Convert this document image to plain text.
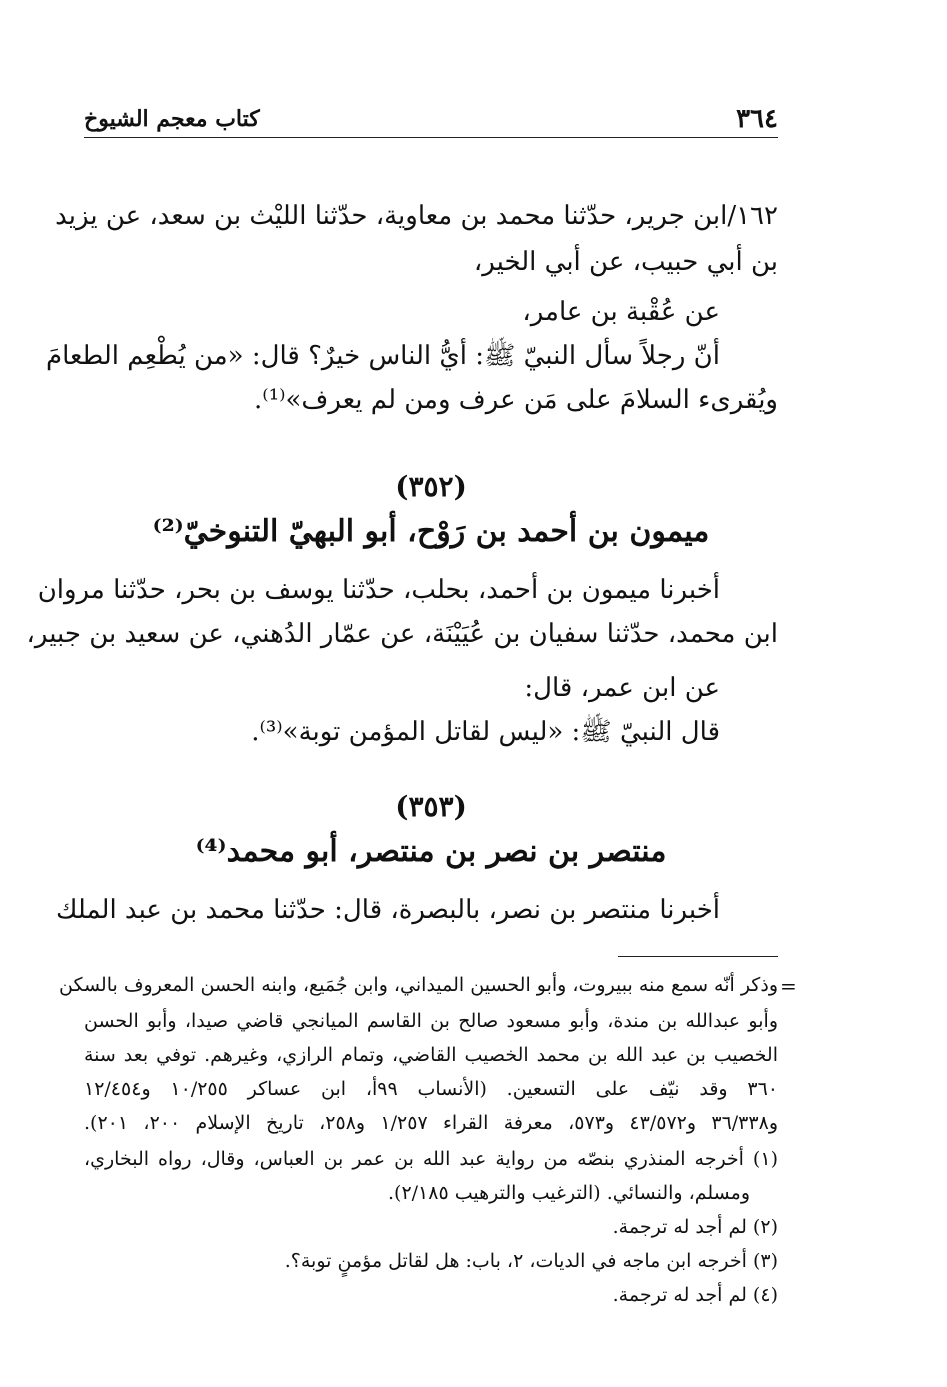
٣٦٤
كتاب معجم الشيوخ
١٦٢/ابن جرير، حدّثنا محمد بن معاوية، حدّثنا الليْث بن سعد، عن يزيد
بن أبي حبيب، عن أبي الخير،
عن عُقْبة بن عامر،
أنّ رجلاً سأل النبيّ ﷺ: أيُّ الناس خيرٌ؟ قال: «من يُطْعِم الطعامَ
ويُقرىء السلامَ على مَن عرف ومن لم يعرف»⁽¹⁾.
(٣٥٢)
ميمون بن أحمد بن رَوْح، أبو البهيّ التنوخيّ⁽²⁾
أخبرنا ميمون بن أحمد، بحلب، حدّثنا يوسف بن بحر، حدّثنا مروان
ابن محمد، حدّثنا سفيان بن عُيَيْنَة، عن عمّار الدُهني، عن سعيد بن جبير،
عن ابن عمر، قال:
قال النبيّ ﷺ: «ليس لقاتل المؤمن توبة»⁽³⁾.
(٣٥٣)
منتصر بن نصر بن منتصر، أبو محمد⁽⁴⁾
أخبرنا منتصر بن نصر، بالبصرة، قال: حدّثنا محمد بن عبد الملك
=
وذكر أنّه سمع منه ببيروت، وأبو الحسين الميداني، وابن جُمَيع، وابنه الحسن المعروف بالسكن
وأبو عبدالله بن مندة، وأبو مسعود صالح بن القاسم الميانجي قاضي صيدا، وأبو الحسن
الخصيب بن عبد الله بن محمد الخصيب القاضي، وتمام الرازي، وغيرهم. توفي بعد سنة
٣٦٠ وقد نيّف على التسعين. (الأنساب ٩٩أ، ابن عساكر ١٠/٢٥٥ و١٢/٤٥٤
و٣٦/٣٣٨ و٤٣/٥٧٢ و٥٧٣، معرفة القراء ١/٢٥٧ و٢٥٨، تاريخ الإسلام ٢٠٠، ٢٠١).
(١) أخرجه المنذري بنصّه من رواية عبد الله بن عمر بن العباس، وقال، رواه البخاري،
ومسلم، والنسائي. (الترغيب والترهيب ٢/١٨٥).
(٢) لم أجد له ترجمة.
(٣) أخرجه ابن ماجه في الديات، ٢، باب: هل لقاتل مؤمنٍ توبة؟.
(٤) لم أجد له ترجمة.
